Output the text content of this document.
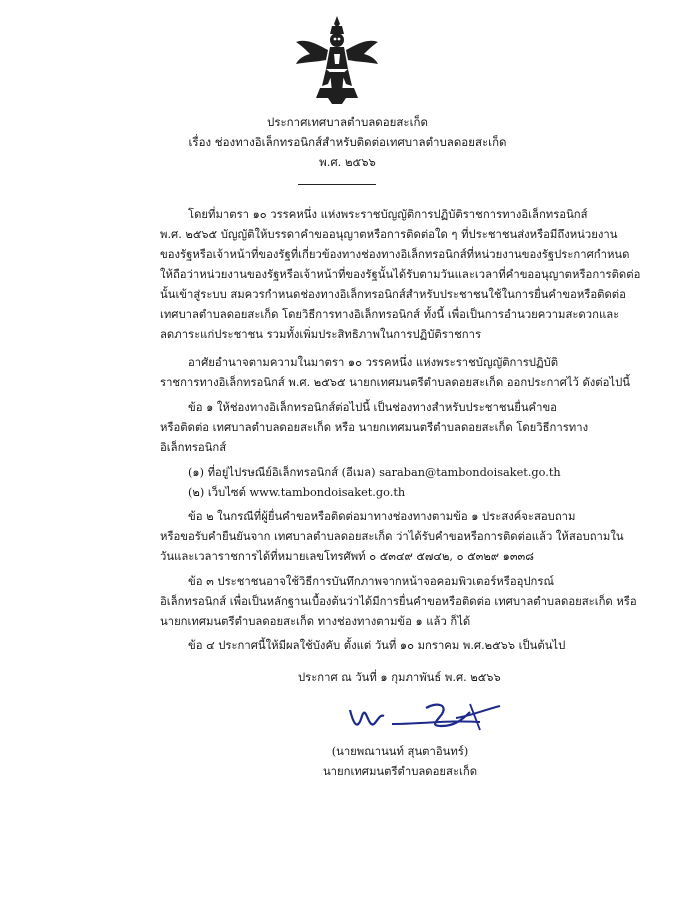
ประกาศเทศบาลตำบลดอยสะเก็ด
เรื่อง ช่องทางอิเล็กทรอนิกส์สำหรับติดต่อเทศบาลตำบลดอยสะเก็ด
พ.ศ. ๒๕๖๖
โดยที่มาตรา ๑๐ วรรคหนึ่ง แห่งพระราชบัญญัติการปฏิบัติราชการทางอิเล็กทรอนิกส์
พ.ศ. ๒๕๖๕ บัญญัติให้บรรดาคำขออนุญาตหรือการติดต่อใด ๆ ที่ประชาชนส่งหรือมีถึงหน่วยงาน
ของรัฐหรือเจ้าหน้าที่ของรัฐที่เกี่ยวข้องทางช่องทางอิเล็กทรอนิกส์ที่หน่วยงานของรัฐประกาศกำหนด
ให้ถือว่าหน่วยงานของรัฐหรือเจ้าหน้าที่ของรัฐนั้นได้รับตามวันและเวลาที่คำขออนุญาตหรือการติดต่อ
นั้นเข้าสู่ระบบ สมควรกำหนดช่องทางอิเล็กทรอนิกส์สำหรับประชาชนใช้ในการยื่นคำขอหรือติดต่อ
เทศบาลตำบลดอยสะเก็ด โดยวิธีการทางอิเล็กทรอนิกส์ ทั้งนี้ เพื่อเป็นการอำนวยความสะดวกและ
ลดภาระแก่ประชาชน รวมทั้งเพิ่มประสิทธิภาพในการปฏิบัติราชการ
อาศัยอำนาจตามความในมาตรา ๑๐ วรรคหนึ่ง แห่งพระราชบัญญัติการปฏิบัติ
ราชการทางอิเล็กทรอนิกส์ พ.ศ. ๒๕๖๕ นายกเทศมนตรีตำบลดอยสะเก็ด ออกประกาศไว้ ดังต่อไปนี้
ข้อ ๑ ให้ช่องทางอิเล็กทรอนิกส์ต่อไปนี้ เป็นช่องทางสำหรับประชาชนยื่นคำขอ
หรือติดต่อ เทศบาลตำบลดอยสะเก็ด หรือ นายกเทศมนตรีตำบลดอยสะเก็ด โดยวิธีการทาง
อิเล็กทรอนิกส์
(๑) ที่อยู่ไปรษณีย์อิเล็กทรอนิกส์ (อีเมล) saraban@tambondoisaket.go.th
(๒) เว็บไซต์ www.tambondoisaket.go.th
ข้อ ๒ ในกรณีที่ผู้ยื่นคำขอหรือติดต่อมาทางช่องทางตามข้อ ๑ ประสงค์จะสอบถาม
หรือขอรับคำยืนยันจาก เทศบาลตำบลดอยสะเก็ด ว่าได้รับคำขอหรือการติดต่อแล้ว ให้สอบถามใน
วันและเวลาราชการได้ที่หมายเลขโทรศัพท์ ๐ ๕๓๔๙ ๕๗๔๒, ๐ ๕๓๒๙ ๑๓๓๘
ข้อ ๓ ประชาชนอาจใช้วิธีการบันทึกภาพจากหน้าจอคอมพิวเตอร์หรืออุปกรณ์
อิเล็กทรอนิกส์ เพื่อเป็นหลักฐานเบื้องต้นว่าได้มีการยื่นคำขอหรือติดต่อ เทศบาลตำบลดอยสะเก็ด หรือ
นายกเทศมนตรีตำบลดอยสะเก็ด ทางช่องทางตามข้อ ๑ แล้ว ก็ได้
ข้อ ๔ ประกาศนี้ให้มีผลใช้บังคับ ตั้งแต่ วันที่ ๑๐ มกราคม พ.ศ.๒๕๖๖ เป็นต้นไป
ประกาศ ณ วันที่ ๑ กุมภาพันธ์ พ.ศ. ๒๕๖๖
(นายพณานนท์ สุนตาอินทร์)
นายกเทศมนตรีตำบลดอยสะเก็ด
